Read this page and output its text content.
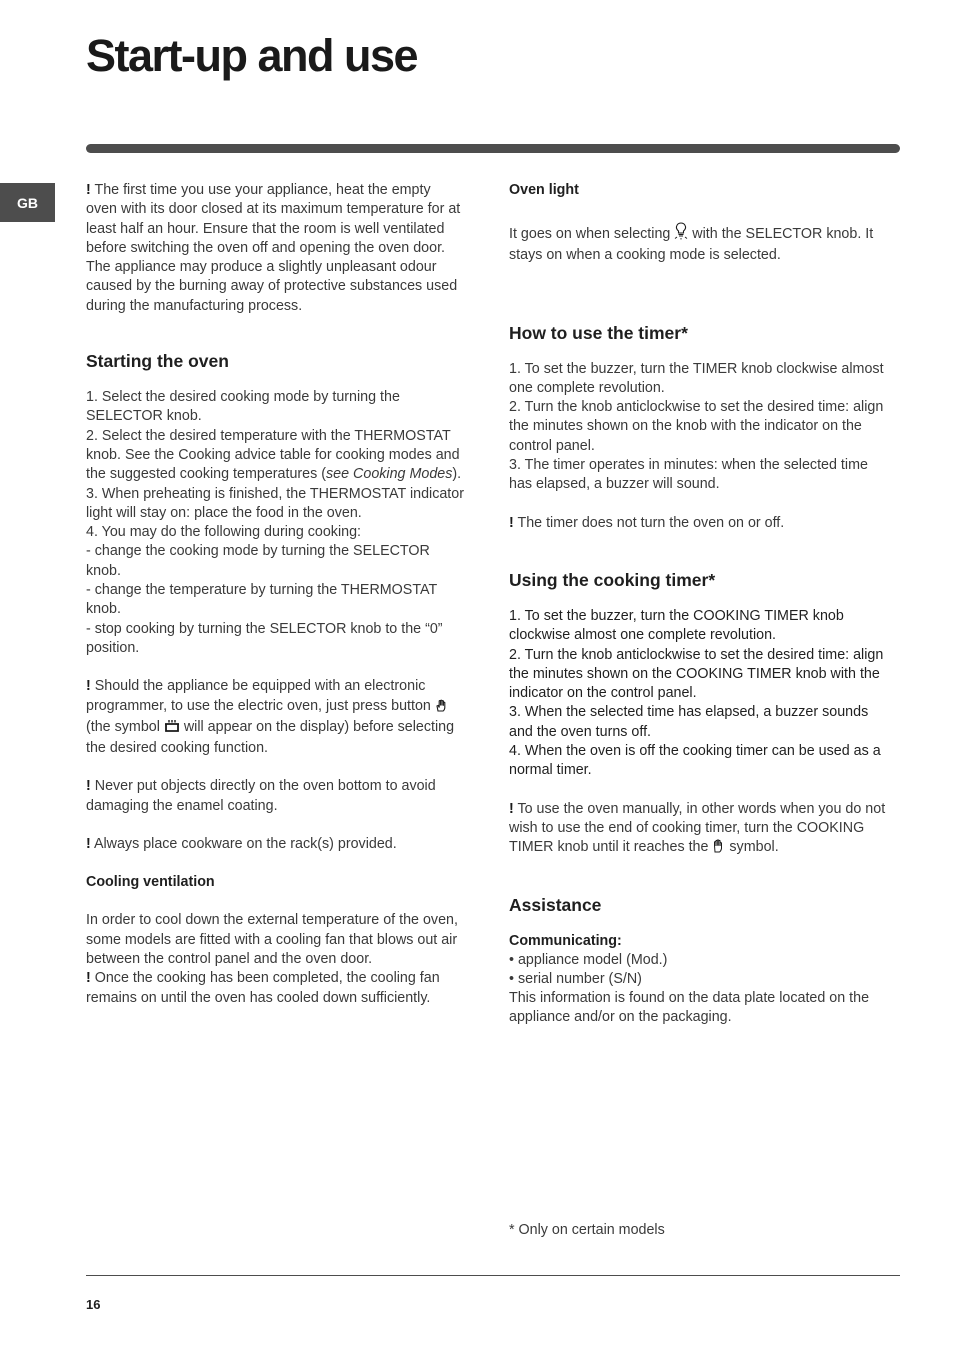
Start-up and use
GB

! The first time you use your appliance, heat the empty oven with its door closed at its maximum temperature for at least half an hour. Ensure that the room is well ventilated before switching the oven off and opening the oven door. The appliance may produce a slightly unpleasant odour caused by the burning away of protective substances used during the manufacturing process.

Starting the oven

1. Select the desired cooking mode by turning the SELECTOR knob.

2. Select the desired temperature with the THERMOSTAT knob. See the Cooking advice table for cooking modes and the suggested cooking temperatures (see Cooking Modes).

3. When preheating is finished, the THERMOSTAT indicator light will stay on: place the food in the oven.

4. You may do the following during cooking:

- change the cooking mode by turning the SELECTOR knob.

- change the temperature by turning the THERMOSTAT knob.

- stop cooking by turning the SELECTOR knob to the “0” position.

! Should the appliance be equipped with an electronic programmer, to use the electric oven, just press button  (the symbol  will appear on the display) before selecting the desired cooking function.

! Never put objects directly on the oven bottom to avoid damaging the enamel coating.

! Always place cookware on the rack(s) provided.

Cooling ventilation

In order to cool down the external temperature of the oven, some models are fitted with a cooling fan that blows out air between the control panel and the oven door.

! Once the cooking has been completed, the cooling fan remains on until the oven has cooled down sufficiently.

Oven light

It goes on when selecting  with the SELECTOR knob. It stays on when a cooking mode is selected.

How to use the timer*

1. To set the buzzer, turn the TIMER knob clockwise almost one complete revolution.

2. Turn the knob anticlockwise to set the desired time: align the minutes shown on the knob with the indicator on the control panel.

3. The timer operates in minutes: when the selected time has elapsed, a buzzer will sound.

! The timer does not turn the oven on or off.

Using the cooking timer*

1. To set the buzzer, turn the COOKING TIMER knob clockwise almost one complete revolution.

2. Turn the knob anticlockwise to set the desired time: align the minutes shown on the COOKING TIMER knob with the indicator on the control panel.

3. When the selected time has elapsed, a buzzer sounds and the oven turns off.

4. When the oven is off the cooking timer can be used as a normal timer.

! To use the oven manually, in other words when you do not wish to use the end of cooking timer, turn the COOKING TIMER knob until it reaches the  symbol.

Assistance
Communicating:

• appliance model (Mod.)

• serial number (S/N)

This information is found on the data plate located on the appliance and/or on the packaging.

* Only on certain models
16
